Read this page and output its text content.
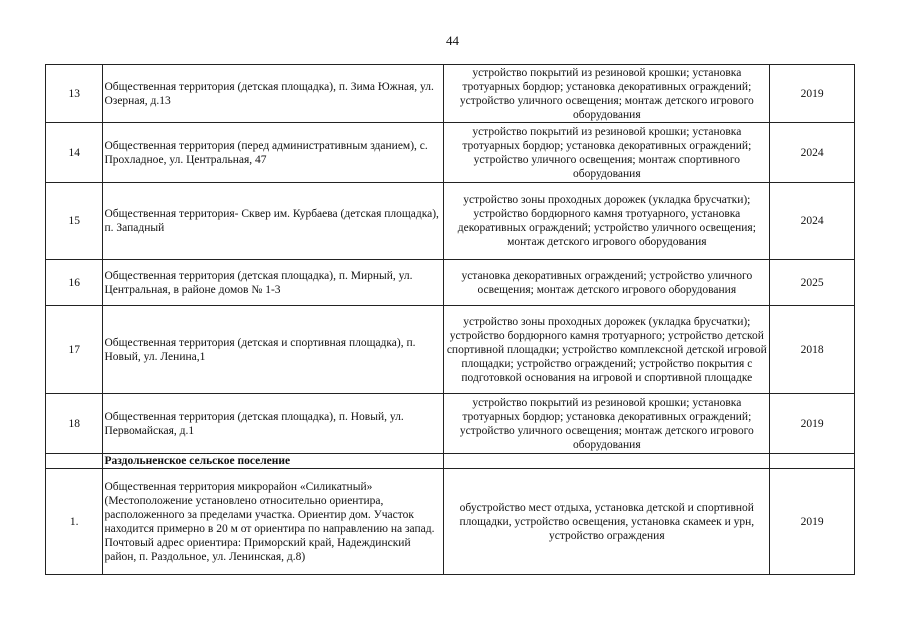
44
13	Общественная территория (детская площадка), п. Зима Южная, ул. Озерная, д.13	устройство покрытий из резиновой крошки; установка тротуарных бордюр; установка декоративных ограждений; устройство уличного освещения; монтаж детского игрового оборудования	2019
14	Общественная территория (перед административным зданием), с. Прохладное, ул. Центральная, 47	устройство покрытий из резиновой крошки; установка тротуарных бордюр; установка декоративных ограждений; устройство уличного освещения; монтаж спортивного оборудования	2024
15	Общественная территория- Сквер им. Курбаева (детская площадка), п. Западный	устройство зоны проходных дорожек (укладка брусчатки); устройство бордюрного камня тротуарного, установка декоративных ограждений; устройство уличного освещения; монтаж детского игрового оборудования	2024
16	Общественная территория (детская площадка), п. Мирный, ул. Центральная, в районе домов № 1-3	установка декоративных ограждений; устройство уличного освещения; монтаж детского игрового оборудования	2025
17	Общественная территория (детская и спортивная площадка), п. Новый, ул. Ленина,1	устройство зоны проходных дорожек (укладка брусчатки); устройство бордюрного камня тротуарного; устройство детской спортивной площадки; устройство комплексной детской игровой площадки; устройство ограждений; устройство покрытия с подготовкой основания на игровой и спортивной площадке	2018
18	Общественная территория (детская площадка), п. Новый, ул. Первомайская, д.1	устройство покрытий из резиновой крошки; установка тротуарных бордюр; установка декоративных ограждений; устройство уличного освещения; монтаж детского игрового оборудования	2019
	Раздольненское сельское поселение		
1.	Общественная территория микрорайон «Силикатный» (Местоположение установлено относительно ориентира, расположенного за пределами участка. Ориентир дом. Участок находится примерно в 20 м от ориентира по направлению на запад. Почтовый адрес ориентира: Приморский край, Надеждинский район, п. Раздольное, ул. Ленинская, д.8)	обустройство мест отдыха, установка детской и спортивной площадки, устройство освещения, установка скамеек и урн, устройство ограждения	2019
